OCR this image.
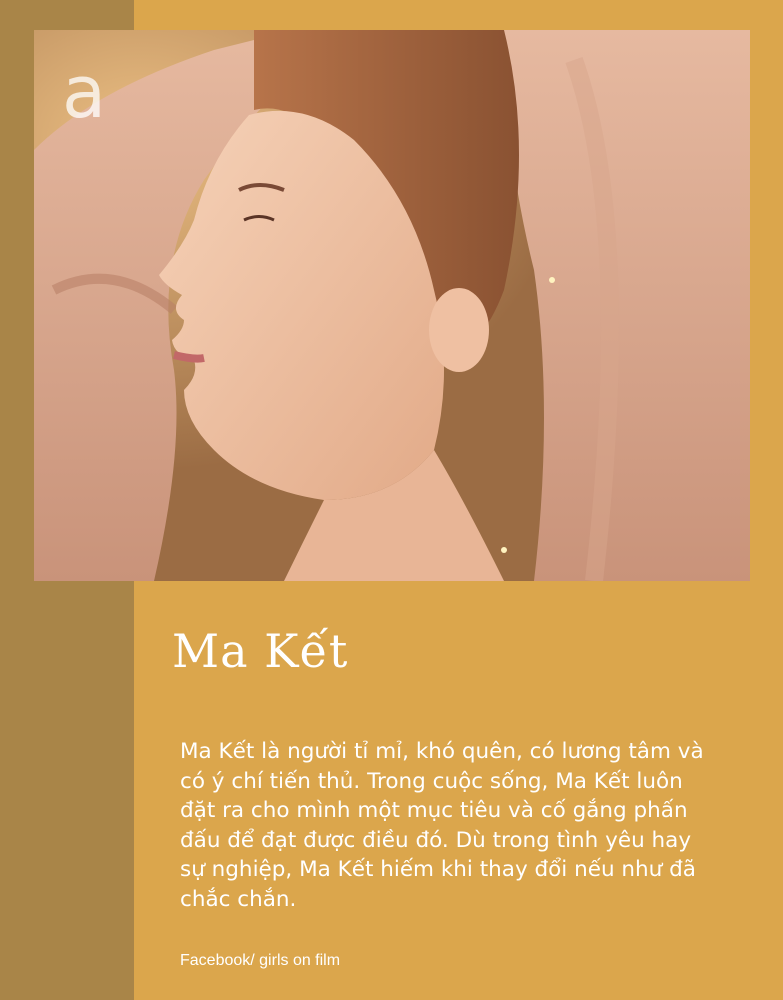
a
Ma Kết
Ma Kết là người tỉ mỉ, khó quên, có lương tâm và
có ý chí tiến thủ. Trong cuộc sống, Ma Kết luôn
đặt ra cho mình một mục tiêu và cố gắng phấn
đấu để đạt được điều đó. Dù trong tình yêu hay
sự nghiệp, Ma Kết hiếm khi thay đổi nếu như đã
chắc chắn.
Facebook/ girls on film
